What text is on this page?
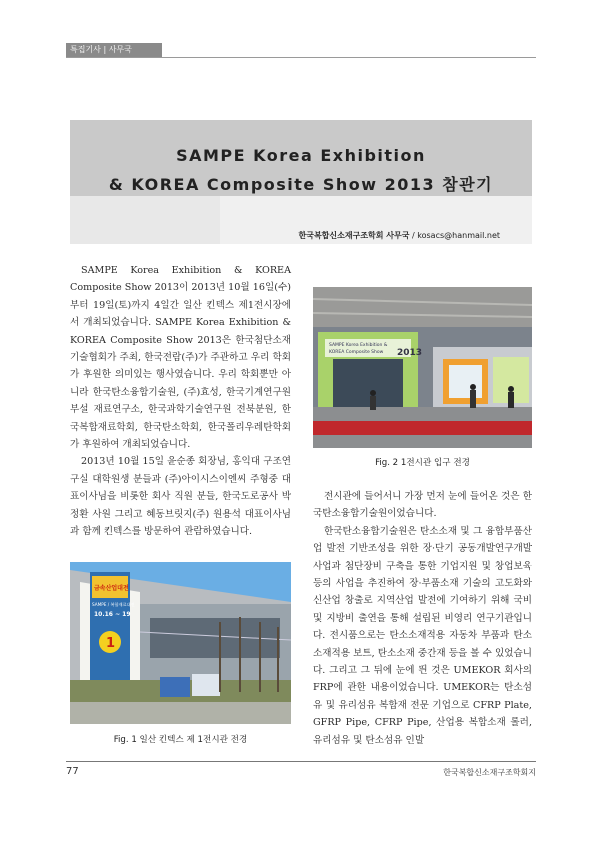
특집기사 | 사무국
SAMPE Korea Exhibition
& KOREA Composite Show 2013 참관기
한국복합신소재구조학회 사무국 / kosacs@hanmail.net

SAMPE Korea Exhibition & KOREA Composite Show 2013이 2013년 10월 16일(수)부터 19일(토)까지 4일간 일산 킨텍스 제1전시장에서 개최되었습니다. SAMPE Korea Exhibition & KOREA Composite Show 2013은 한국첨단소재기술협회가 주최, 한국전람(주)가 주관하고 우리 학회가 후원한 의미있는 행사였습니다. 우리 학회뿐만 아니라 한국탄소융합기술원, (주)효성, 한국기계연구원 부설 재료연구소, 한국과학기술연구원 전북분원, 한국복합재료학회, 한국탄소학회, 한국폴리우레탄학회가 후원하여 개최되었습니다.

2013년 10월 15일 윤순종 회장님, 홍익대 구조연구실 대학원생 분들과 (주)아이시스이엔씨 주형중 대표이사님을 비롯한 회사 직원 분들, 한국도로공사 박정환 사원 그리고 혜동브릿지(주) 원용석 대표이사님과 함께 킨텍스를 방문하여 관람하였습니다.

SAMPE Korea Exhibition &
KOREA Composite Show 2013
Fig. 2 1전시관 입구 전경

전시관에 들어서니 가장 먼저 눈에 들어온 것은 한국탄소융합기술원이었습니다.

한국탄소융합기술원은 탄소소재 및 그 융합부품산업 발전 기반조성을 위한 장·단기 공동개발연구개발사업과 첨단장비 구축을 통한 기업지원 및 창업보육 등의 사업을 추진하여 장·부품소재 기술의 고도화와 신산업 창출로 지역산업 발전에 기여하기 위해 국비 및 지방비 출연을 통해 설립된 비영리 연구기관입니다. 전시품으로는 탄소소재적용 자동차 부품과 탄소소재적용 보트, 탄소소재 중간재 등을 볼 수 있었습니다. 그리고 그 뒤에 눈에 띈 것은 UMEKOR 회사의 FRP에 관한 내용이었습니다. UMEKOR는 탄소섬유 및 유리섬유 복합재 전문 기업으로 CFRP Plate, GFRP Pipe, CFRP Pipe, 산업용 복합소재 롤러, 유리섬유 및 탄소섬유 인발

금속산업대전
SAMPE / 복합재료대전
10.16 ~ 19
1
Fig. 1 일산 킨텍스 제 1전시관 전경
77	한국복합신소재구조학회지
